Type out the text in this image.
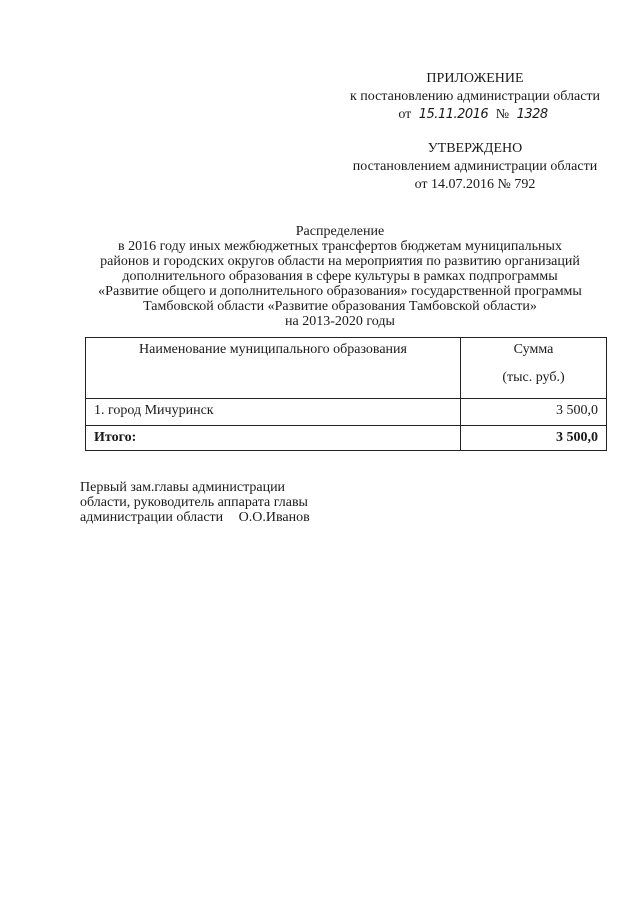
ПРИЛОЖЕНИЕ
к постановлению администрации области
от 15.11.2016 № 1328
УТВЕРЖДЕНО
постановлением администрации области
от 14.07.2016 № 792
Распределение
в 2016 году иных межбюджетных трансфертов бюджетам муниципальных
районов и городских округов области на мероприятия по развитию организаций
дополнительного образования в сфере культуры в рамках подпрограммы
«Развитие общего и дополнительного образования» государственной программы
Тамбовской области «Развитие образования Тамбовской области»
на 2013-2020 годы
Наименование муниципального образования	Сумма
(тыс. руб.)

1. город Мичуринск	3 500,0
Итого:	3 500,0
Первый зам.главы администрации
области, руководитель аппарата главы
администрации области О.О.Иванов
